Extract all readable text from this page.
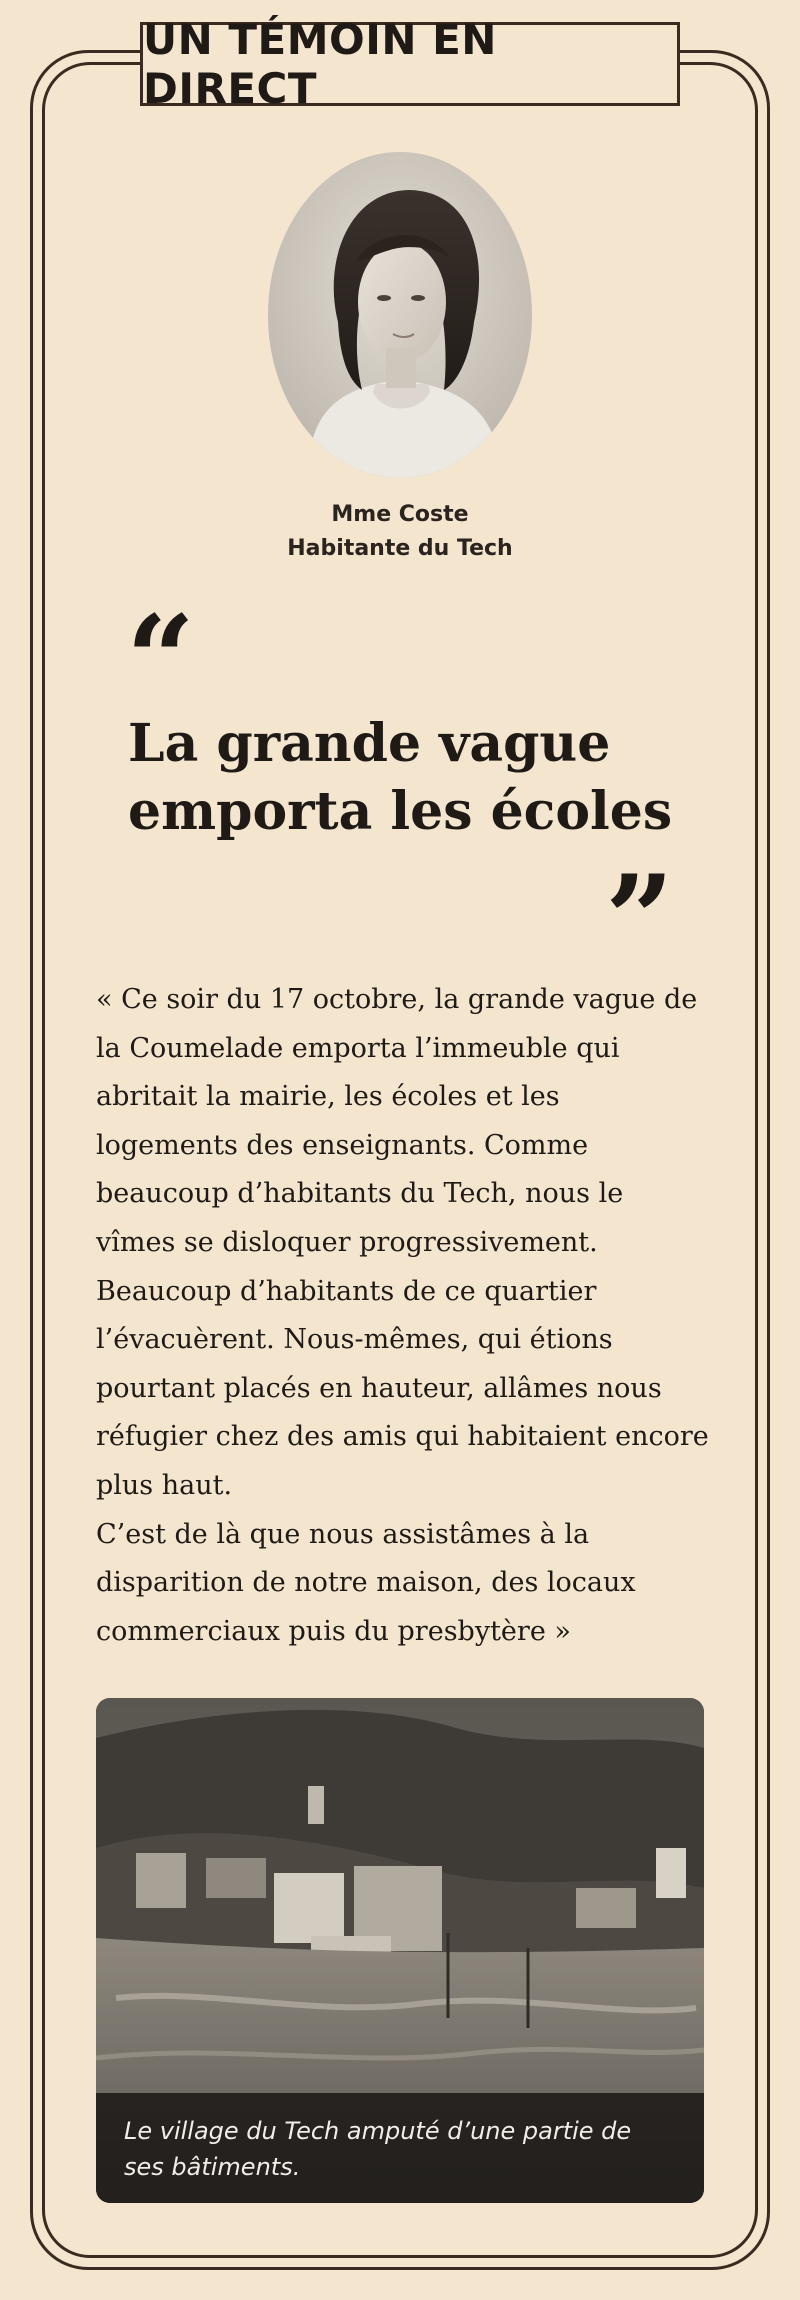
UN TÉMOIN EN DIRECT
Mme Coste
Habitante du Tech
“
La grande vague emporta les écoles
”
« Ce soir du 17 octobre, la grande vague de la Coumelade emporta l’immeuble qui abritait la mairie, les écoles et les logements des enseignants. Comme beaucoup d’habitants du Tech, nous le vîmes se disloquer progressivement. Beaucoup d’habitants de ce quartier l’évacuèrent. Nous-mêmes, qui étions pourtant placés en hauteur, allâmes nous réfugier chez des amis qui habitaient encore plus haut.
C’est de là que nous assistâmes à la disparition de notre maison, des locaux commerciaux puis du presbytère »
Le village du Tech amputé d’une partie de ses bâtiments.
